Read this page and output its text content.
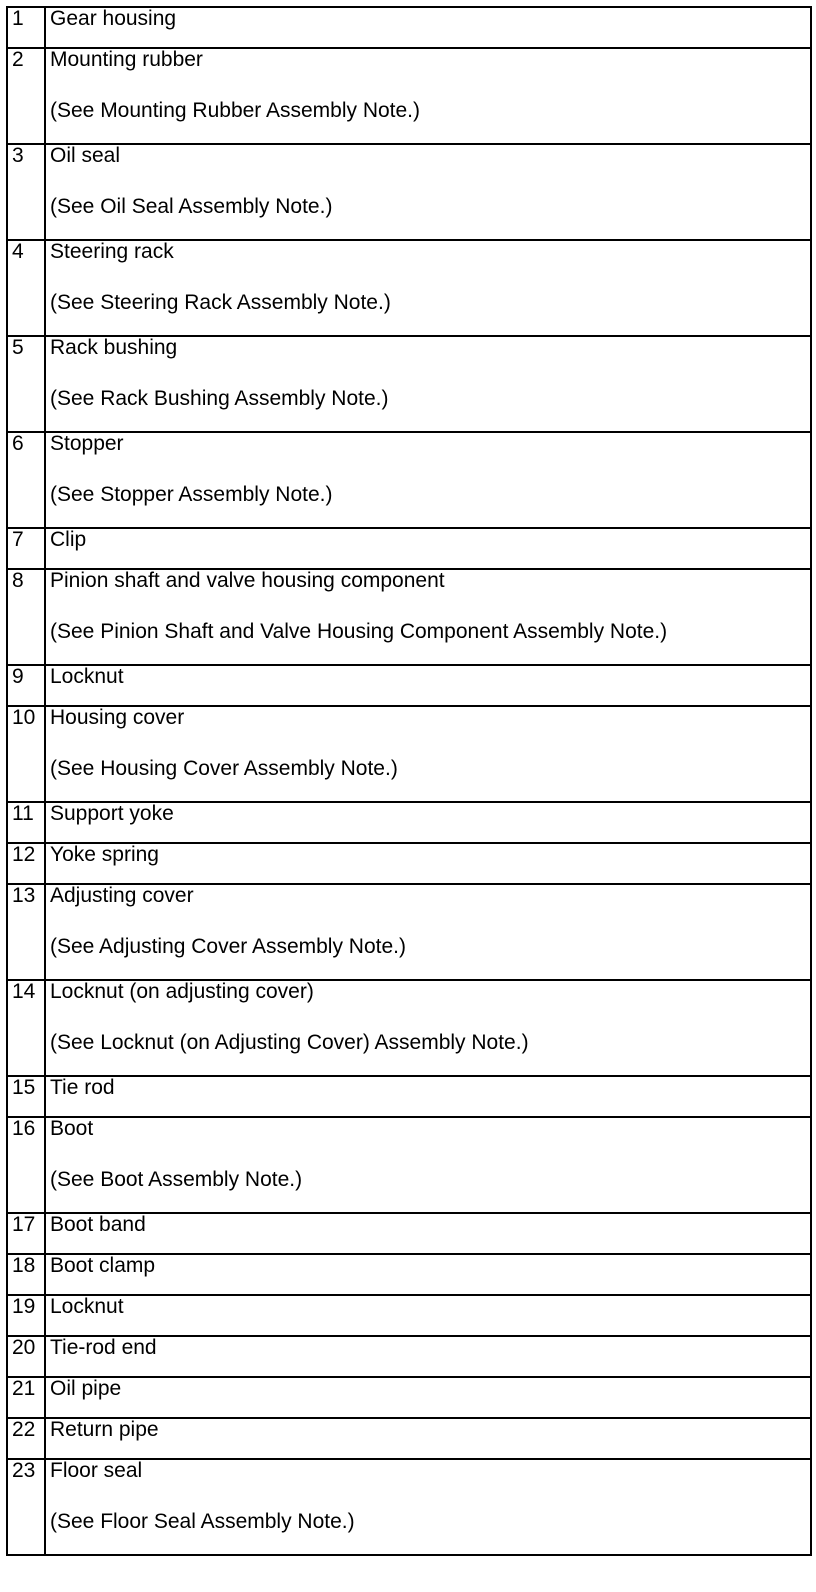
1	Gear housing

2	Mounting rubber
(See Mounting Rubber Assembly Note.)

3	Oil seal
(See Oil Seal Assembly Note.)

4	Steering rack
(See Steering Rack Assembly Note.)

5	Rack bushing
(See Rack Bushing Assembly Note.)

6	Stopper
(See Stopper Assembly Note.)

7	Clip

8	Pinion shaft and valve housing component
(See Pinion Shaft and Valve Housing Component Assembly Note.)

9	Locknut

10	Housing cover
(See Housing Cover Assembly Note.)

11	Support yoke

12	Yoke spring

13	Adjusting cover
(See Adjusting Cover Assembly Note.)

14	Locknut (on adjusting cover)
(See Locknut (on Adjusting Cover) Assembly Note.)

15	Tie rod

16	Boot
(See Boot Assembly Note.)

17	Boot band

18	Boot clamp

19	Locknut

20	Tie-rod end

21	Oil pipe

22	Return pipe

23	Floor seal
(See Floor Seal Assembly Note.)
